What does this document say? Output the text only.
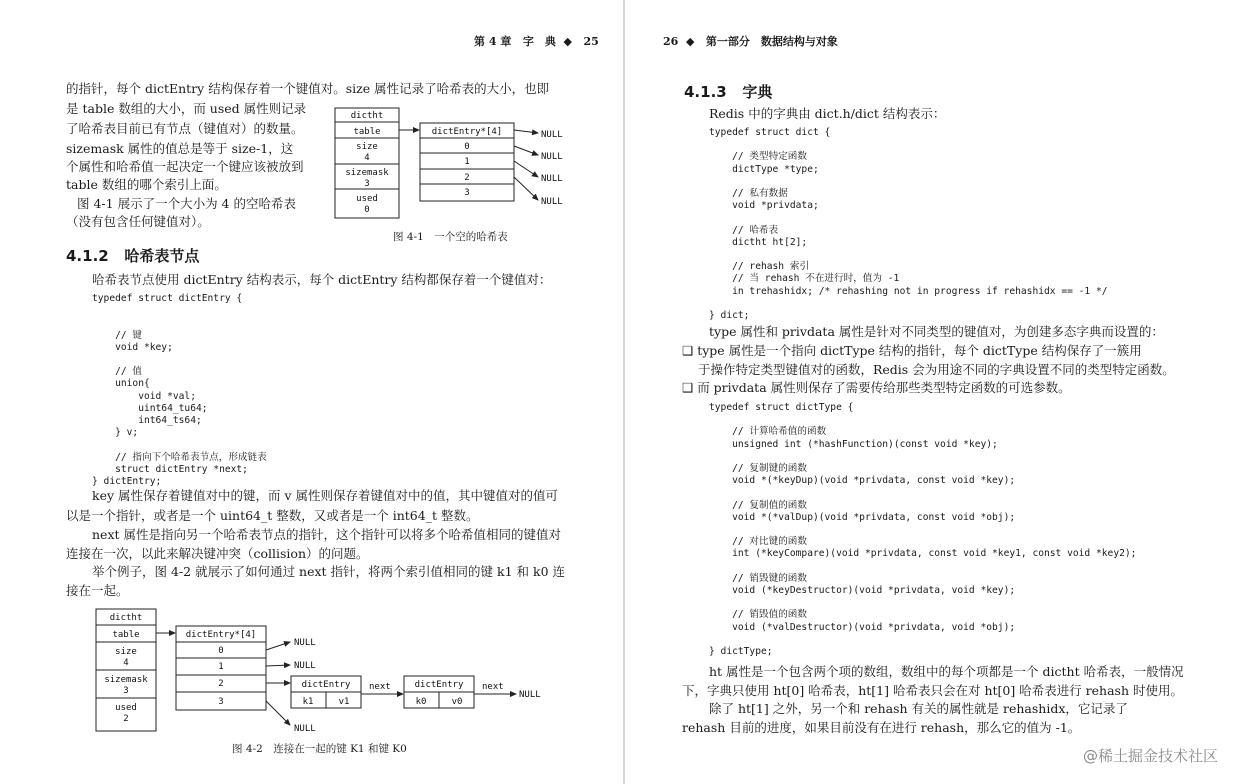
第 4 章 字　典  ◆   25
的指针，每个 dictEntry 结构保存着一个键值对。size 属性记录了哈希表的大小，也即
是 table 数组的大小，而 used 属性则记录
了哈希表目前已有节点（键值对）的数量。
sizemask 属性的值总是等于 size-1，这
个属性和哈希值一起决定一个键应该被放到
table 数组的哪个索引上面。
图 4-1 展示了一个大小为 4 的空哈希表
（没有包含任何键值对）。
dictht
table
size
4
sizemask
3
used
0
dictEntry*[4]
0
1
2
3
NULL
NULL
NULL
NULL
图 4-1　一个空的哈希表
4.1.2 哈希表节点
哈希表节点使用 dictEntry 结构表示，每个 dictEntry 结构都保存着一个键值对：
typedef struct dictEntry {

// 键
void *key;

// 值
union{
void *val;
uint64_tu64;
int64_ts64;
} v;

// 指向下个哈希表节点，形成链表
struct dictEntry *next;
} dictEntry;
key 属性保存着键值对中的键，而 v 属性则保存着键值对中的值，其中键值对的值可
以是一个指针，或者是一个 uint64_t 整数，又或者是一个 int64_t 整数。
next 属性是指向另一个哈希表节点的指针，这个指针可以将多个哈希值相同的键值对
连接在一次，以此来解决键冲突（collision）的问题。
举个例子，图 4-2 就展示了如何通过 next 指针，将两个索引值相同的键 k1 和 k0 连
接在一起。
dictht
table
size
4
sizemask
3
used
2
dictEntry*[4]
0
1
2
3
NULL
NULL
NULL
dictEntry
k1	v1
dictEntry
k0	v0
next	next
NULL
图 4-2　连接在一起的键 K1 和键 K0
26  ◆   第一部分　数据结构与对象
4.1.3 字典
Redis 中的字典由 dict.h/dict 结构表示：
typedef struct dict {

// 类型特定函数
dictType *type;

// 私有数据
void *privdata;

// 哈希表
dictht ht[2];

// rehash 索引
// 当 rehash 不在进行时，值为 -1
in trehashidx; /* rehashing not in progress if rehashidx == -1 */

} dict;
type 属性和 privdata 属性是针对不同类型的键值对，为创建多态字典而设置的：
❑ type 属性是一个指向 dictType 结构的指针，每个 dictType 结构保存了一簇用
于操作特定类型键值对的函数，Redis 会为用途不同的字典设置不同的类型特定函数。
❑ 而 privdata 属性则保存了需要传给那些类型特定函数的可选参数。
typedef struct dictType {

// 计算哈希值的函数
unsigned int (*hashFunction)(const void *key);

// 复制键的函数
void *(*keyDup)(void *privdata, const void *key);

// 复制值的函数
void *(*valDup)(void *privdata, const void *obj);

// 对比键的函数
int (*keyCompare)(void *privdata, const void *key1, const void *key2);

// 销毁键的函数
void (*keyDestructor)(void *privdata, void *key);

// 销毁值的函数
void (*valDestructor)(void *privdata, void *obj);

} dictType;
ht 属性是一个包含两个项的数组，数组中的每个项都是一个 dictht 哈希表，一般情况
下，字典只使用 ht[0] 哈希表，ht[1] 哈希表只会在对 ht[0] 哈希表进行 rehash 时使用。
除了 ht[1] 之外，另一个和 rehash 有关的属性就是 rehashidx，它记录了
rehash 目前的进度，如果目前没有在进行 rehash，那么它的值为 -1。
@稀土掘金技术社区
